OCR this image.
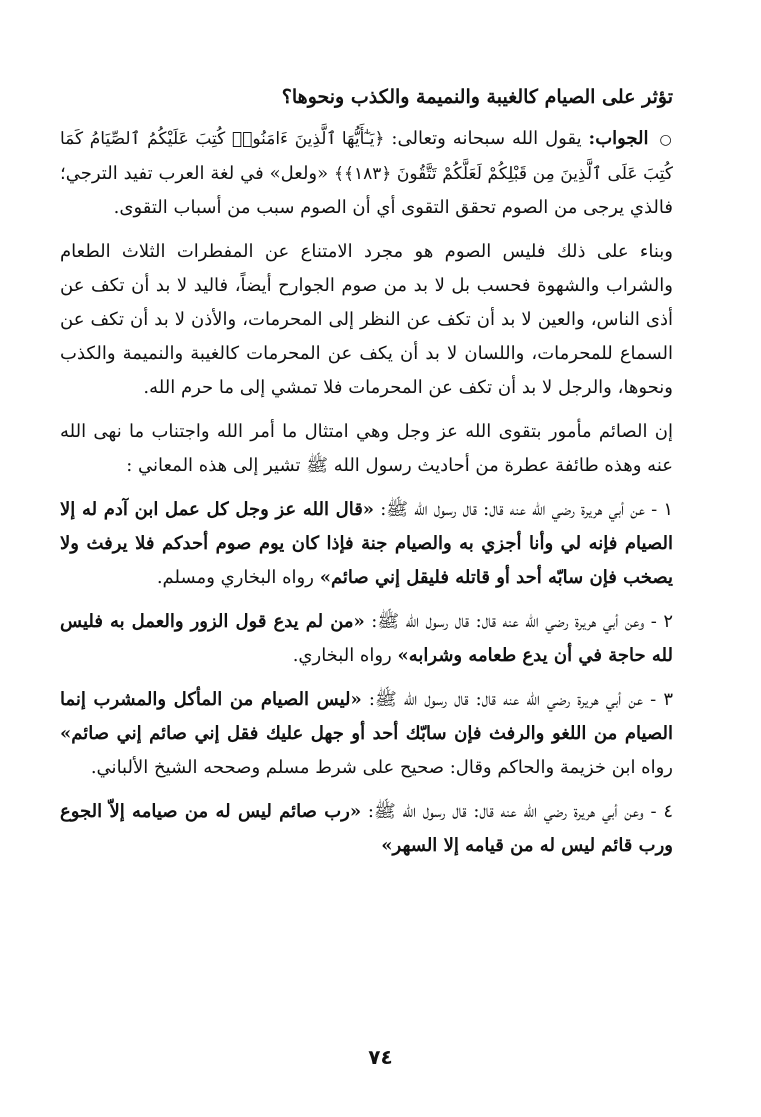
تؤثر على الصيام كالغيبة والنميمة والكذب ونحوها؟

○ الجواب: يقول الله سبحانه وتعالى: ﴿يَـٰٓأَيُّهَا ٱلَّذِينَ ءَامَنُوا۟ كُتِبَ عَلَيْكُمُ ٱلصِّيَامُ كَمَا كُتِبَ عَلَى ٱلَّذِينَ مِن قَبْلِكُمْ لَعَلَّكُمْ تَتَّقُونَ ﴿١٨٣﴾﴾ «ولعل» في لغة العرب تفيد الترجي؛ فالذي يرجى من الصوم تحقق التقوى أي أن الصوم سبب من أسباب التقوى.

وبناء على ذلك فليس الصوم هو مجرد الامتناع عن المفطرات الثلاث الطعام والشراب والشهوة فحسب بل لا بد من صوم الجوارح أيضاً، فاليد لا بد أن تكف عن أذى الناس، والعين لا بد أن تكف عن النظر إلى المحرمات، والأذن لا بد أن تكف عن السماع للمحرمات، واللسان لا بد أن يكف عن المحرمات كالغيبة والنميمة والكذب ونحوها، والرجل لا بد أن تكف عن المحرمات فلا تمشي إلى ما حرم الله.

إن الصائم مأمور بتقوى الله عز وجل وهي امتثال ما أمر الله واجتناب ما نهى الله عنه وهذه طائفة عطرة من أحاديث رسول الله ﷺ تشير إلى هذه المعاني :

١ - عن أبي هريرة رضي الله عنه قال: قال رسول الله ﷺ: «قال الله عز وجل كل عمل ابن آدم له إلا الصيام فإنه لي وأنا أجزي به والصيام جنة فإذا كان يوم صوم أحدكم فلا يرفث ولا يصخب فإن سابّه أحد أو قاتله فليقل إني صائم» رواه البخاري ومسلم.

٢ - وعن أبي هريرة رضي الله عنه قال: قال رسول الله ﷺ: «من لم يدع قول الزور والعمل به فليس لله حاجة في أن يدع طعامه وشرابه» رواه البخاري.

٣ - عن أبي هريرة رضي الله عنه قال: قال رسول الله ﷺ: «ليس الصيام من المأكل والمشرب إنما الصيام من اللغو والرفث فإن سابّك أحد أو جهل عليك فقل إني صائم إني صائم» رواه ابن خزيمة والحاكم وقال: صحيح على شرط مسلم وصححه الشيخ الألباني.

٤ - وعن أبي هريرة رضي الله عنه قال: قال رسول الله ﷺ: «رب صائم ليس له من صيامه إلاّ الجوع ورب قائم ليس له من قيامه إلا السهر»

٧٤
